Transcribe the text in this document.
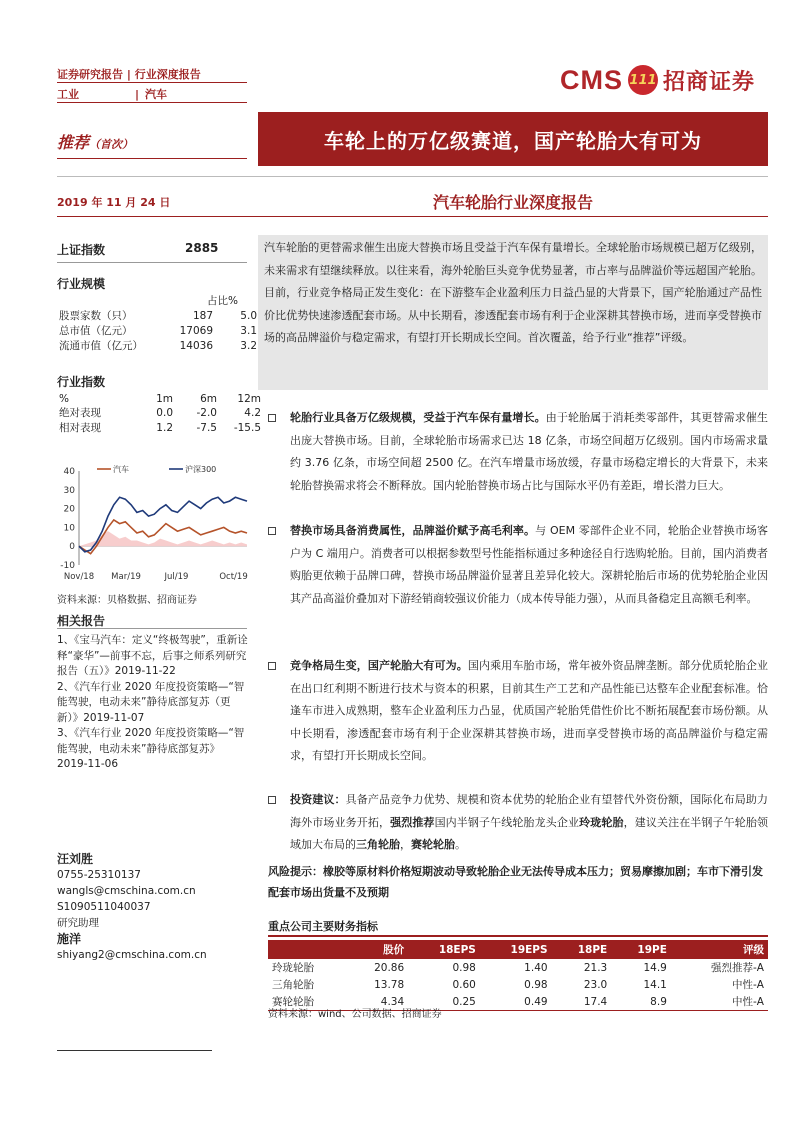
证券研究报告 | 行业深度报告
工业	| 汽车	CMS 111 招商证券
车轮上的万亿级赛道，国产轮胎大有可为
推荐（首次）
2019 年 11 月 24 日	汽车轮胎行业深度报告
上证指数	2885
行业规模
占比%
股票家数（只）	187	5.0
总市值（亿元）	17069	3.1
流通市值（亿元）	14036	3.2
行业指数
%	1m	6m	12m
绝对表现	0.0	-2.0	4.2
相对表现	1.2	-7.5	-15.5
40
30
20
10
0
-10
汽车	沪深300
Nov/18 Mar/19	Jul/19	Oct/19
资料来源：贝格数据、招商证券
相关报告
1、《宝马汽车：定义“终极驾驶”，重新诠释“豪华”—前事不忘，后事之师系列研究报告（五）》2019-11-22
2、《汽车行业 2020 年度投资策略—“智能驾驶，电动未来”静待底部复苏（更新）》2019-11-07
3、《汽车行业 2020 年度投资策略—“智能驾驶，电动未来”静待底部复苏》2019-11-06
汪刘胜
0755-25310137
wangls@cmschina.com.cn
S1090511040037
研究助理
施洋
shiyang2@cmschina.com.cn
汽车轮胎的更替需求催生出庞大替换市场且受益于汽车保有量增长。全球轮胎市场规模已超万亿级别，未来需求有望继续释放。以往来看，海外轮胎巨头竞争优势显著，市占率与品牌溢价等远超国产轮胎。目前，行业竞争格局正发生变化：在下游整车企业盈利压力日益凸显的大背景下，国产轮胎通过产品性价比优势快速渗透配套市场。从中长期看，渗透配套市场有利于企业深耕其替换市场，进而享受替换市场的高品牌溢价与稳定需求，有望打开长期成长空间。首次覆盖，给予行业“推荐”评级。
轮胎行业具备万亿级规模，受益于汽车保有量增长。由于轮胎属于消耗类零部件，其更替需求催生出庞大替换市场。目前，全球轮胎市场需求已达 18 亿条，市场空间超万亿级别。国内市场需求量约 3.76 亿条，市场空间超 2500 亿。在汽车增量市场放缓，存量市场稳定增长的大背景下，未来轮胎替换需求将会不断释放。国内轮胎替换市场占比与国际水平仍有差距，增长潜力巨大。
替换市场具备消费属性，品牌溢价赋予高毛利率。与 OEM 零部件企业不同，轮胎企业替换市场客户为 C 端用户。消费者可以根据参数型号性能指标通过多种途径自行选购轮胎。目前，国内消费者购胎更依赖于品牌口碑，替换市场品牌溢价显著且差异化较大。深耕轮胎后市场的优势轮胎企业因其产品高溢价叠加对下游经销商较强议价能力（成本传导能力强），从而具备稳定且高额毛利率。
竞争格局生变，国产轮胎大有可为。国内乘用车胎市场，常年被外资品牌垄断。部分优质轮胎企业在出口红利期不断进行技术与资本的积累，目前其生产工艺和产品性能已达整车企业配套标准。恰逢车市进入成熟期，整车企业盈利压力凸显，优质国产轮胎凭借性价比不断拓展配套市场份额。从中长期看，渗透配套市场有利于企业深耕其替换市场，进而享受替换市场的高品牌溢价与稳定需求，有望打开长期成长空间。
投资建议：具备产品竞争力优势、规模和资本优势的轮胎企业有望替代外资份额，国际化布局助力海外市场业务开拓，强烈推荐国内半钢子午线轮胎龙头企业玲珑轮胎，建议关注在半钢子午轮胎领域加大布局的三角轮胎，赛轮轮胎。
风险提示：橡胶等原材料价格短期波动导致轮胎企业无法传导成本压力；贸易摩擦加剧；车市下滑引发配套市场出货量不及预期
重点公司主要财务指标
	股价	18EPS	19EPS	18PE	19PE	评级
玲珑轮胎	20.86	0.98	1.40	21.3	14.9	强烈推荐-A
三角轮胎	13.78	0.60	0.98	23.0	14.1	中性-A
赛轮轮胎	4.34	0.25	0.49	17.4	8.9	中性-A

资料来源：wind、公司数据、招商证券
